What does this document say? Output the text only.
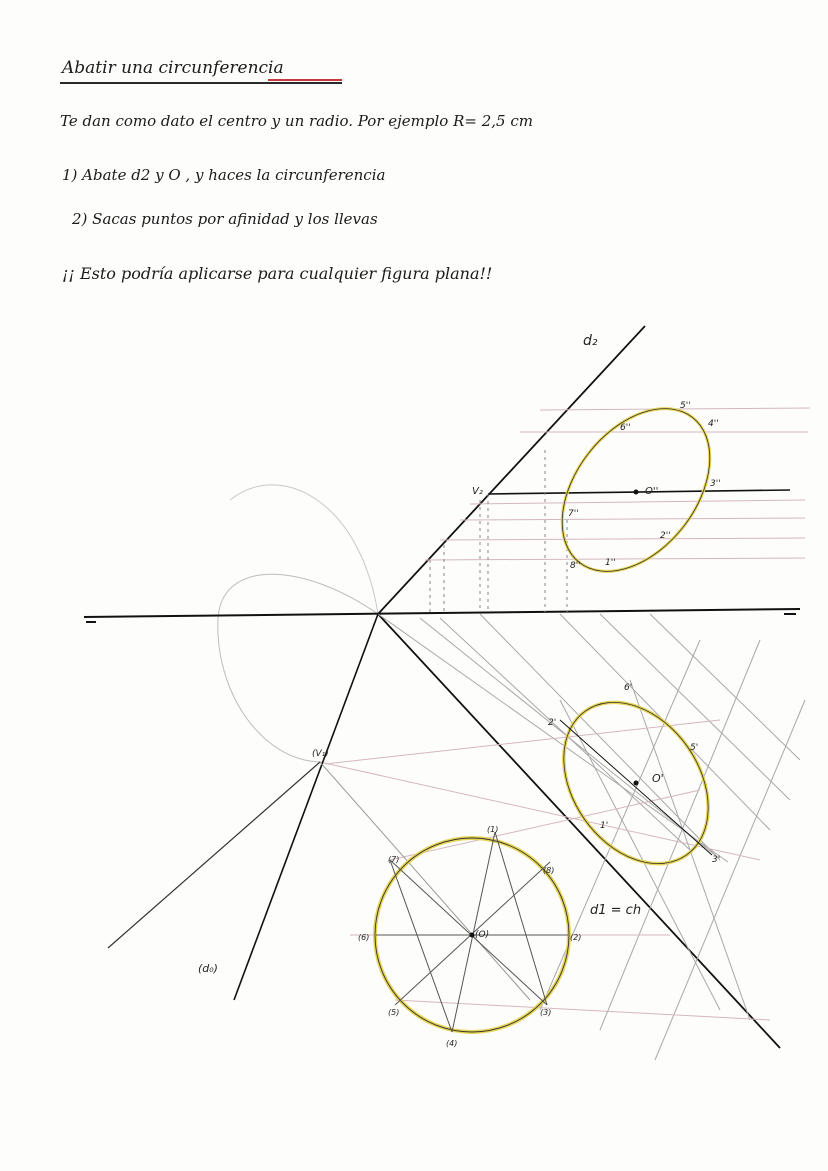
Abatir una circunferencia
Te dan como dato el centro y un radio. Por ejemplo R= 2,5 cm
1) Abate d2 y O , y haces la circunferencia
2) Sacas puntos por afinidad y los llevas
¡¡ Esto podría aplicarse para cualquier figura plana!!
d₂
V₂	O''
3''
5''
4''
6''
7''
8''	1''
2''
O'
5'
6'
3'
2'
1'
(V₁)
d1 = ch
(d₀)
(O)
(1)
(8)
(2)
(3)
(4)
(5)
(6)
(7)
